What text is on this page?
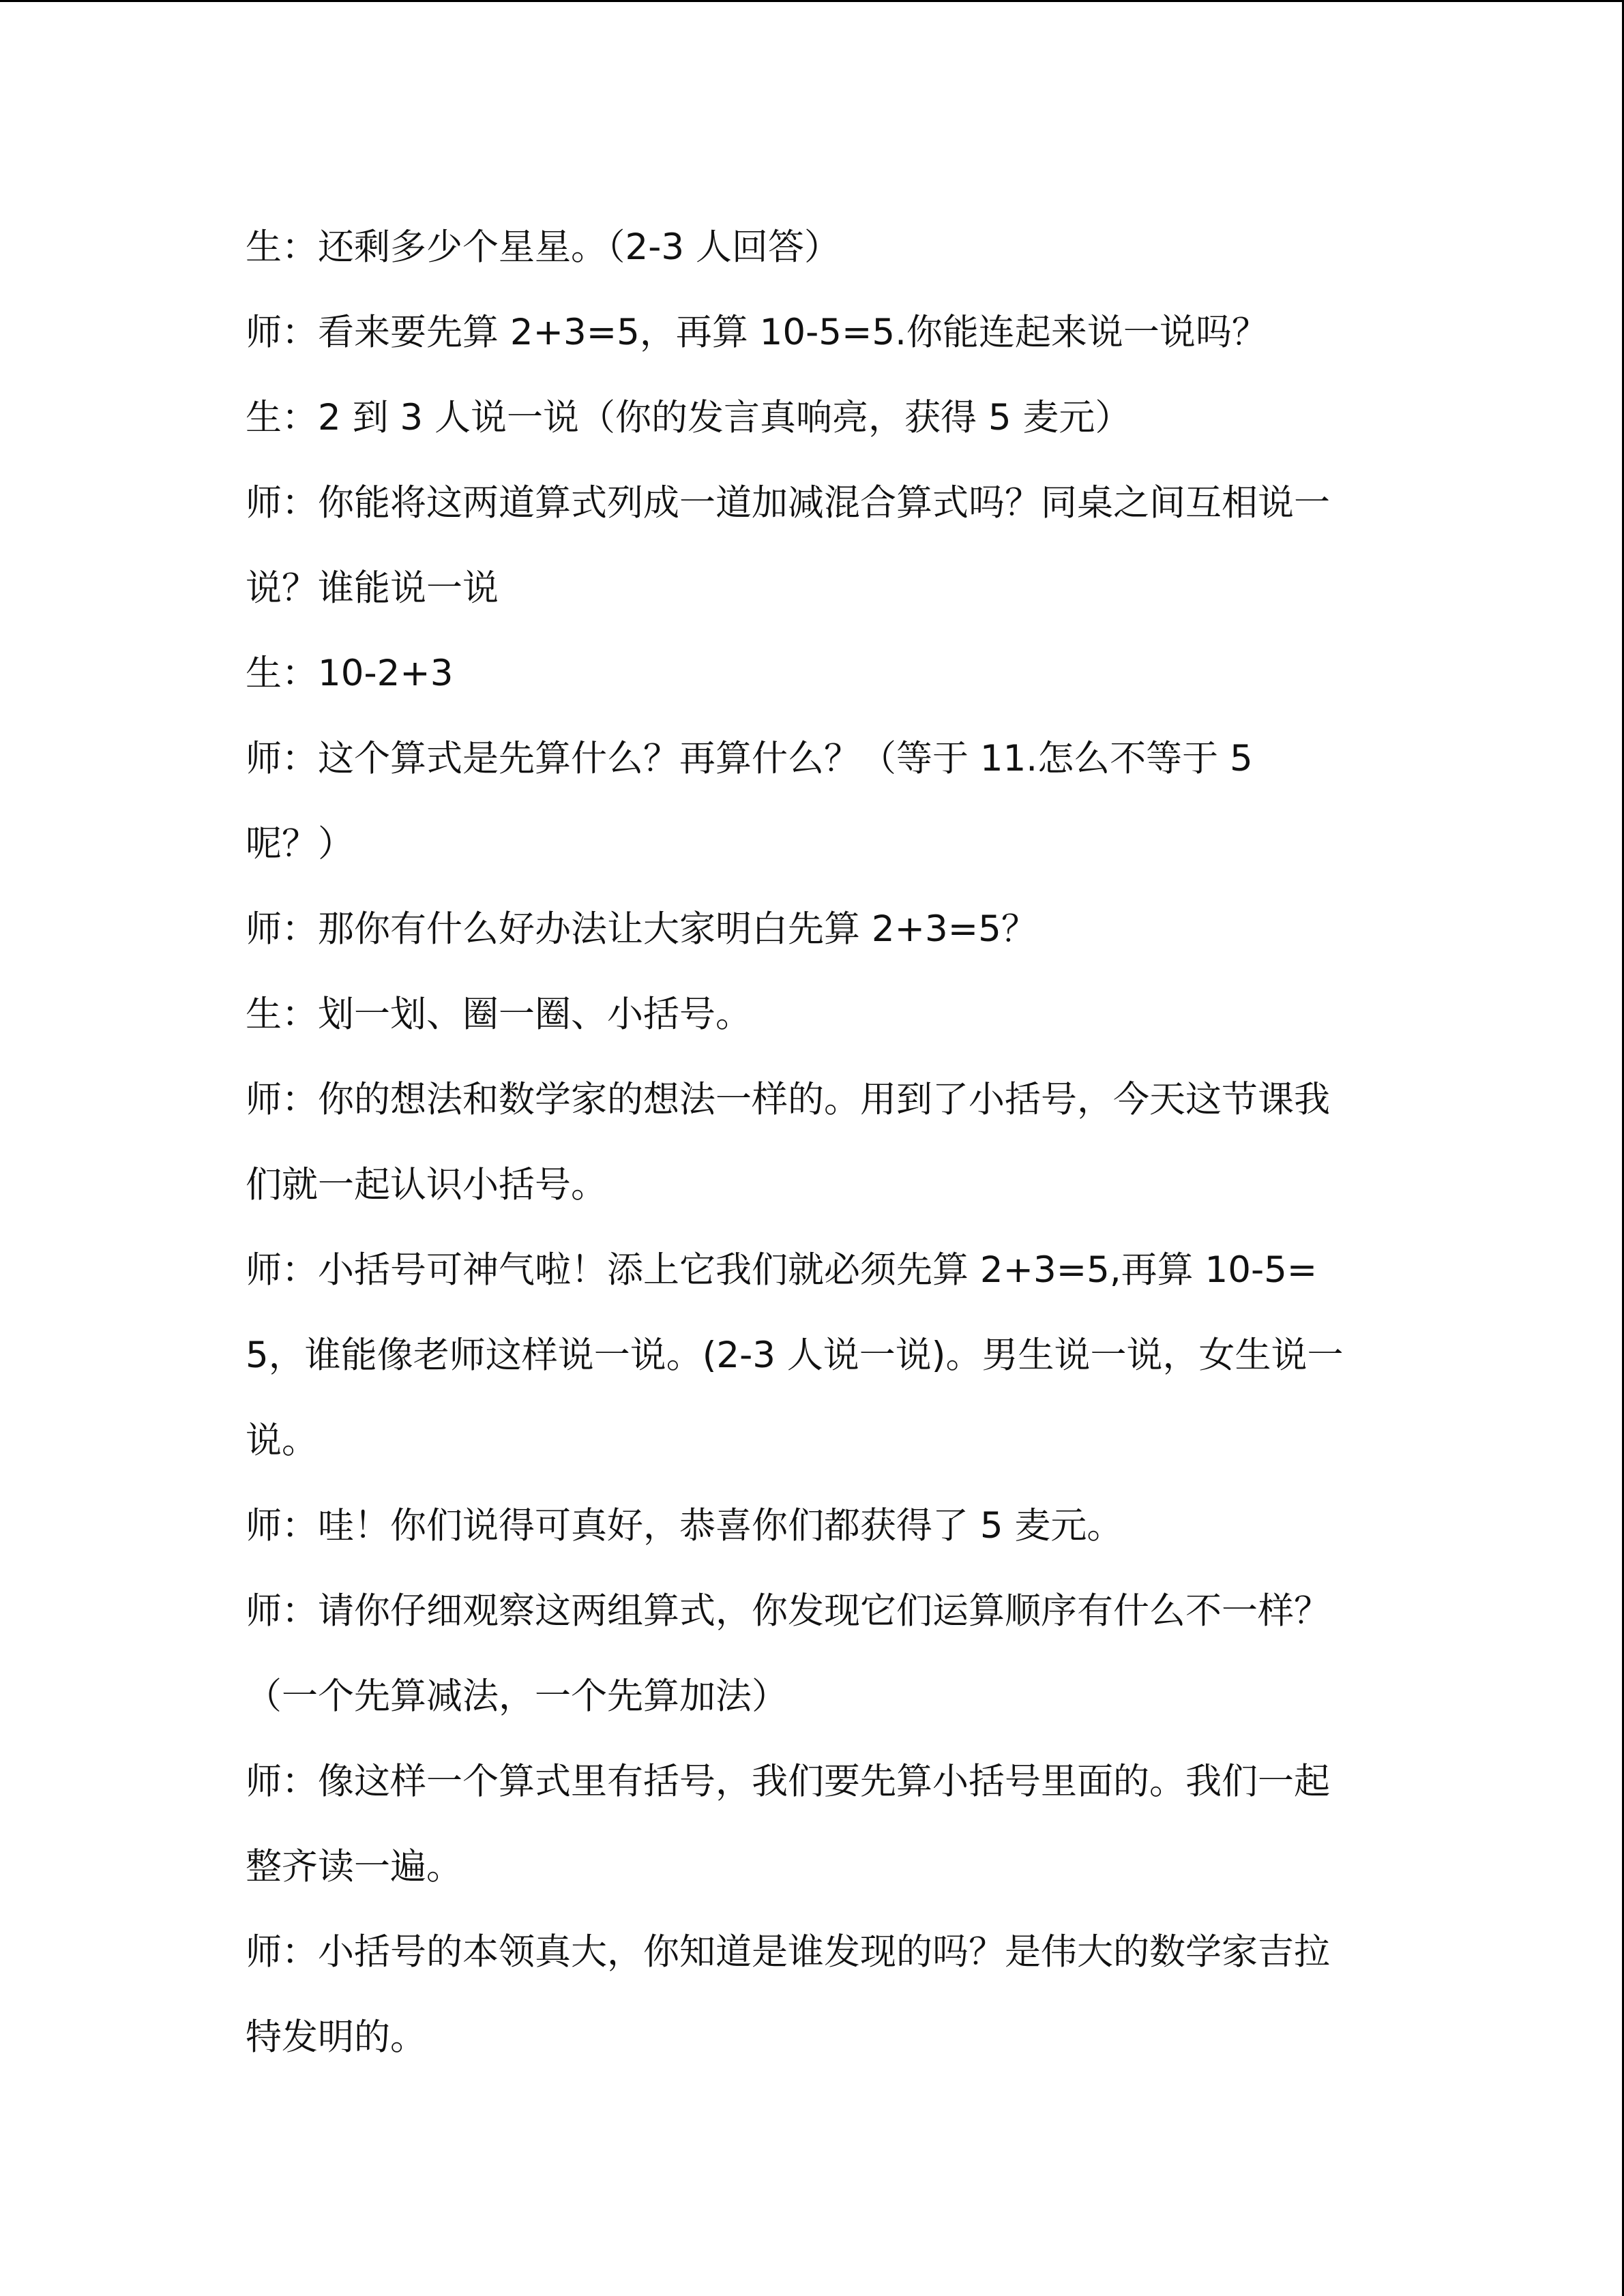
生：还剩多少个星星。（2-3 人回答）
师：看来要先算 2+3=5，再算 10-5=5.你能连起来说一说吗？
生：2 到 3 人说一说（你的发言真响亮，获得 5 麦元）
师：你能将这两道算式列成一道加减混合算式吗？同桌之间互相说一说？谁能说一说
生：10-2+3
师：这个算式是先算什么？再算什么？（等于 11.怎么不等于 5 呢？）
师：那你有什么好办法让大家明白先算 2+3=5？
生：划一划、圈一圈、小括号。
师：你的想法和数学家的想法一样的。用到了小括号，今天这节课我们就一起认识小括号。
师：小括号可神气啦！添上它我们就必须先算 2+3=5,再算 10-5=5，谁能像老师这样说一说。(2-3 人说一说)。男生说一说，女生说一说。
师：哇！你们说得可真好，恭喜你们都获得了 5 麦元。
师：请你仔细观察这两组算式，你发现它们运算顺序有什么不一样？（一个先算减法，一个先算加法）
师：像这样一个算式里有括号，我们要先算小括号里面的。我们一起整齐读一遍。
师：小括号的本领真大，你知道是谁发现的吗？是伟大的数学家吉拉特发明的。
